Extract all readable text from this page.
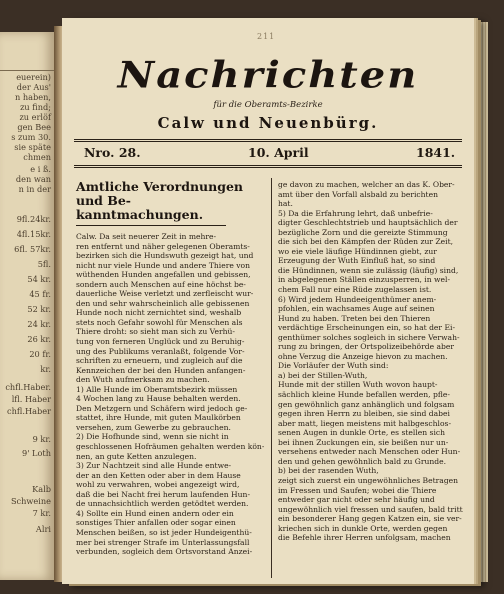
euerein)
der Aus'
n haben,
zu find;
zu erlöf
gen Bee
s zum 30.
sie späte
chmen
e i ß.
den wan
n in der
9fl.24kr.
4fl.15kr.
6fl. 57kr.
5fl.
54 kr.
45 fr.
52 kr.
24 kr.
26 kr.
20 fr.
kr.
chfl.Haber.
lfl. Haber
chfl.Haber
9 kr.
9' Loth
Kalb
Schweine
7 kr.
Alri
211
Nachrichten
für die Oberamts-Bezirke
Calw und Neuenbürg.
Nro. 28.	10. April	1841.
Amtliche Verordnungen und Be-
kanntmachungen.
Calw. Da seit neuerer Zeit in mehre-
ren entfernt und näher gelegenen Oberamts-
bezirken sich die Hundswuth gezeigt hat, und
nicht nur viele Hunde und andere Thiere von
wüthenden Hunden angefallen und gebissen,
sondern auch Menschen auf eine höchst be-
dauerliche Weise verletzt und zerfleischt wur-
den und sehr wahrscheinlich alle gebissenen
Hunde noch nicht zernichtet sind, weshalb
stets noch Gefahr sowohl für Menschen als
Thiere droht: so sieht man sich zu Verhü-
tung von ferneren Unglück und zu Beruhig-
ung des Publikums veranlaßt, folgende Vor-
schriften zu erneuern, und zugleich auf die
Kennzeichen der bei den Hunden anfangen-
den Wuth aufmerksam zu machen.
1) Alle Hunde im Oberamtsbezirk müssen
4 Wochen lang zu Hause behalten werden.
Den Metzgern und Schäfern wird jedoch ge-
stattet, ihre Hunde, mit guten Maulkörben
versehen, zum Gewerbe zu gebrauchen.
2) Die Hofhunde sind, wenn sie nicht in
geschlossenen Hofräumen gehalten werden kön-
nen, an gute Ketten anzulegen.
3) Zur Nachtzeit sind alle Hunde entwe-
der an den Ketten oder aber in dem Hause
wohl zu verwahren, wobei angezeigt wird,
daß die bei Nacht frei herum laufenden Hun-
de unnachsichtlich werden getödtet werden.
4) Sollte ein Hund einen andern oder ein
sonstiges Thier anfallen oder sogar einen
Menschen beißen, so ist jeder Hundeigenthü-
mer bei strenger Strafe im Unterlassungsfall
verbunden, sogleich dem Ortsvorstand Anzei-
ge davon zu machen, welcher an das K. Ober-
amt über den Vorfall alsbald zu berichten
hat.
5) Da die Erfahrung lehrt, daß unbefrie-
digter Geschlechtstrieb und hauptsächlich der
bezügliche Zorn und die gereizte Stimmung
die sich bei den Kämpfen der Rüden zur Zeit,
wo eie viele läufige Hündinnen giebt, zur
Erzeugung der Wuth Einfluß hat, so sind
die Hündinnen, wenn sie zulässig (läufig) sind,
in abgelegenen Ställen einzusperren, in wel-
chem Fall nur eine Rüde zugelassen ist.
6) Wird jedem Hundeeigenthümer anem-
pfohlen, ein wachsames Auge auf seinen
Hund zu haben. Treten bei den Thieren
verdächtige Erscheinungen ein, so hat der Ei-
genthümer solches sogleich in sichere Verwah-
rung zu bringen, der Ortspolizeibehörde aber
ohne Verzug die Anzeige hievon zu machen.
Die Vorläufer der Wuth sind:
a) bei der Stillen-Wuth,
Hunde mit der stillen Wuth wovon haupt-
sächlich kleine Hunde befallen werden, pfle-
gen gewöhnlich ganz anhänglich und folgsam
gegen ihren Herrn zu bleiben, sie sind dabei
aber matt, liegen meistens mit halbgeschlos-
senen Augen in dunkle Orte, es stellen sich
bei ihnen Zuckungen ein, sie beißen nur un-
versehens entweder nach Menschen oder Hun-
den und gehen gewöhnlich bald zu Grunde.
b) bei der rasenden Wuth,
zeigt sich zuerst ein ungewöhnliches Betragen
im Fressen und Saufen; wobei die Thiere
entweder gar nicht oder sehr häufig und
ungewöhnlich viel fressen und saufen, bald tritt
ein besonderer Hang gegen Katzen ein, sie ver-
kriechen sich in dunkle Orte, werden gegen
die Befehle ihrer Herren unfolgsam, machen
